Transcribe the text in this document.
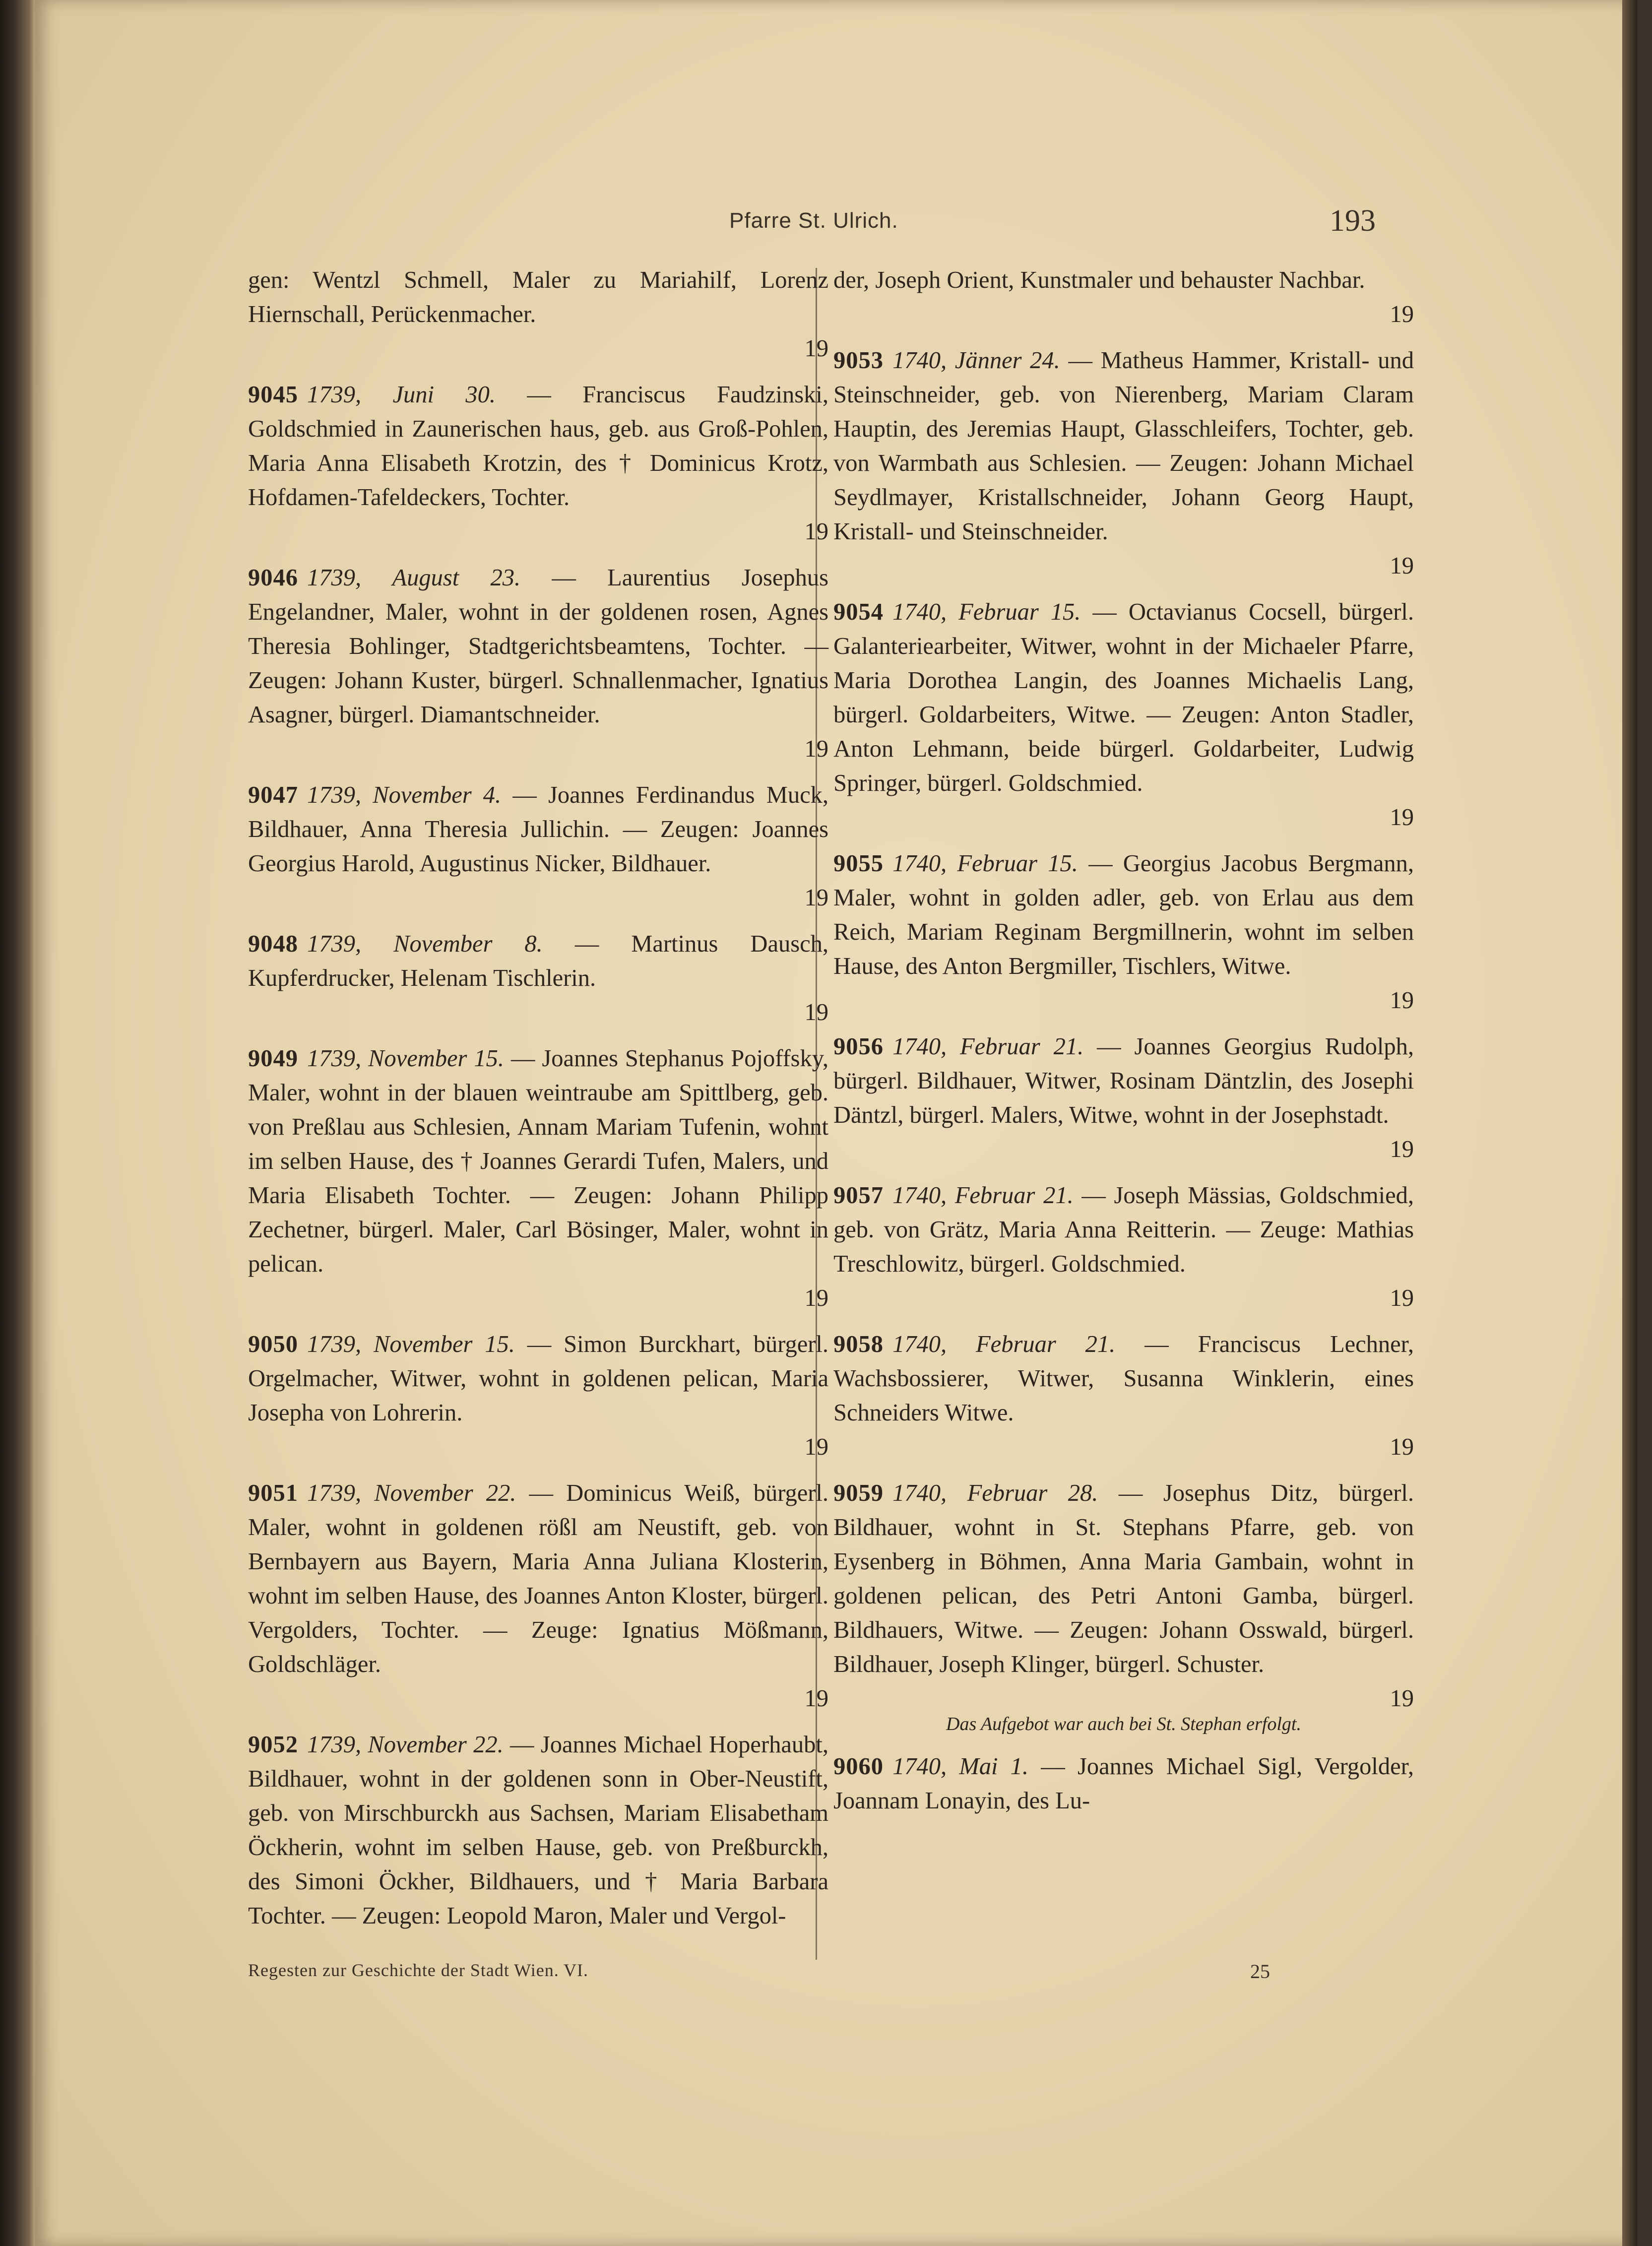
Pfarre St. Ulrich.	193

gen: Wentzl Schmell, Maler zu Mariahilf, Lorenz Hiernschall, Perückenmacher.

19

9045 1739, Juni 30. — Franciscus Faudzinski, Goldschmied in Zaunerischen haus, geb. aus Groß-Pohlen, Maria Anna Elisabeth Krotzin, des † Dominicus Krotz, Hofdamen-Tafeldeckers, Tochter.

19

9046 1739, August 23. — Laurentius Josephus Engelandner, Maler, wohnt in der goldenen rosen, Agnes Theresia Bohlinger, Stadtgerichtsbeamtens, Tochter. — Zeugen: Johann Kuster, bürgerl. Schnallenmacher, Ignatius Asagner, bürgerl. Diamantschneider.

19

9047 1739, November 4. — Joannes Ferdinandus Muck, Bildhauer, Anna Theresia Jullichin. — Zeugen: Joannes Georgius Harold, Augustinus Nicker, Bildhauer.

19

9048 1739, November 8. — Martinus Dausch, Kupferdrucker, Helenam Tischlerin.

19

9049 1739, November 15. — Joannes Stephanus Pojoffsky, Maler, wohnt in der blauen weintraube am Spittlberg, geb. von Preßlau aus Schlesien, Annam Mariam Tufenin, wohnt im selben Hause, des † Joannes Gerardi Tufen, Malers, und Maria Elisabeth Tochter. — Zeugen: Johann Philipp Zechetner, bürgerl. Maler, Carl Bösinger, Maler, wohnt in pelican.

19

9050 1739, November 15. — Simon Burckhart, bürgerl. Orgelmacher, Witwer, wohnt in goldenen pelican, Maria Josepha von Lohrerin.

19

9051 1739, November 22. — Dominicus Weiß, bürgerl. Maler, wohnt in goldenen rößl am Neustift, geb. von Bernbayern aus Bayern, Maria Anna Juliana Klosterin, wohnt im selben Hause, des Joannes Anton Kloster, bürgerl. Vergolders, Tochter. — Zeuge: Ignatius Mößmann, Goldschläger.

19

9052 1739, November 22. — Joannes Michael Hoperhaubt, Bildhauer, wohnt in der goldenen sonn in Ober-Neustift, geb. von Mirschburckh aus Sachsen, Mariam Elisabetham Öckherin, wohnt im selben Hause, geb. von Preßburckh, des Simoni Öckher, Bildhauers, und † Maria Barbara Tochter. — Zeugen: Leopold Maron, Maler und Vergol-

der, Joseph Orient, Kunstmaler und behauster Nachbar.

19

9053 1740, Jänner 24. — Matheus Hammer, Kristall- und Steinschneider, geb. von Nierenberg, Mariam Claram Hauptin, des Jeremias Haupt, Glasschleifers, Tochter, geb. von Warmbath aus Schlesien. — Zeugen: Johann Michael Seydlmayer, Kristallschneider, Johann Georg Haupt, Kristall- und Steinschneider.

19

9054 1740, Februar 15. — Octavianus Cocsell, bürgerl. Galanteriearbeiter, Witwer, wohnt in der Michaeler Pfarre, Maria Dorothea Langin, des Joannes Michaelis Lang, bürgerl. Goldarbeiters, Witwe. — Zeugen: Anton Stadler, Anton Lehmann, beide bürgerl. Goldarbeiter, Ludwig Springer, bürgerl. Goldschmied.

19

9055 1740, Februar 15. — Georgius Jacobus Bergmann, Maler, wohnt in golden adler, geb. von Erlau aus dem Reich, Mariam Reginam Bergmillnerin, wohnt im selben Hause, des Anton Bergmiller, Tischlers, Witwe.

19

9056 1740, Februar 21. — Joannes Georgius Rudolph, bürgerl. Bildhauer, Witwer, Rosinam Däntzlin, des Josephi Däntzl, bürgerl. Malers, Witwe, wohnt in der Josephstadt.

19

9057 1740, Februar 21. — Joseph Mässias, Goldschmied, geb. von Grätz, Maria Anna Reitterin. — Zeuge: Mathias Treschlowitz, bürgerl. Goldschmied.

19

9058 1740, Februar 21. — Franciscus Lechner, Wachsbossierer, Witwer, Susanna Winklerin, eines Schneiders Witwe.

19

9059 1740, Februar 28. — Josephus Ditz, bürgerl. Bildhauer, wohnt in St. Stephans Pfarre, geb. von Eysenberg in Böhmen, Anna Maria Gambain, wohnt in goldenen pelican, des Petri Antoni Gamba, bürgerl. Bildhauers, Witwe. — Zeugen: Johann Osswald, bürgerl. Bildhauer, Joseph Klinger, bürgerl. Schuster.

19
Das Aufgebot war auch bei St. Stephan erfolgt.

9060 1740, Mai 1. — Joannes Michael Sigl, Vergolder, Joannam Lonayin, des Lu-

Regesten zur Geschichte der Stadt Wien. VI.	25
